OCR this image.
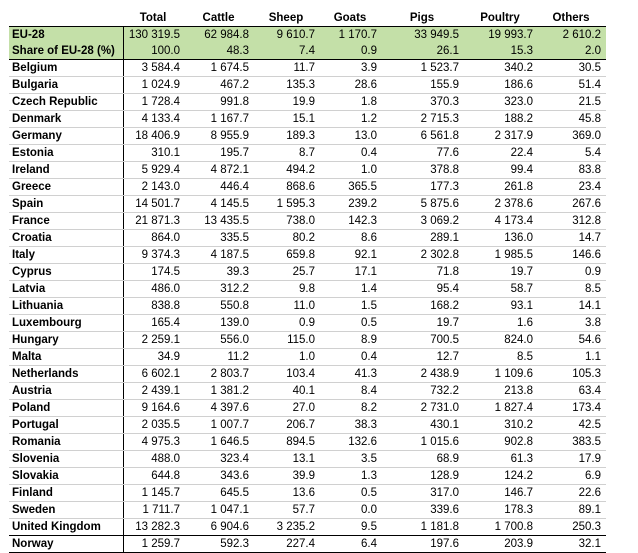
	Total	Cattle	Sheep	Goats	Pigs	Poultry	Others
EU-28	130 319.5	62 984.8	9 610.7	1 170.7	33 949.5	19 993.7	2 610.2
Share of EU-28 (%)	100.0	48.3	7.4	0.9	26.1	15.3	2.0
Belgium	3 584.4	1 674.5	11.7	3.9	1 523.7	340.2	30.5
Bulgaria	1 024.9	467.2	135.3	28.6	155.9	186.6	51.4
Czech Republic	1 728.4	991.8	19.9	1.8	370.3	323.0	21.5
Denmark	4 133.4	1 167.7	15.1	1.2	2 715.3	188.2	45.8
Germany	18 406.9	8 955.9	189.3	13.0	6 561.8	2 317.9	369.0
Estonia	310.1	195.7	8.7	0.4	77.6	22.4	5.4
Ireland	5 929.4	4 872.1	494.2	1.0	378.8	99.4	83.8
Greece	2 143.0	446.4	868.6	365.5	177.3	261.8	23.4
Spain	14 501.7	4 145.5	1 595.3	239.2	5 875.6	2 378.6	267.6
France	21 871.3	13 435.5	738.0	142.3	3 069.2	4 173.4	312.8
Croatia	864.0	335.5	80.2	8.6	289.1	136.0	14.7
Italy	9 374.3	4 187.5	659.8	92.1	2 302.8	1 985.5	146.6
Cyprus	174.5	39.3	25.7	17.1	71.8	19.7	0.9
Latvia	486.0	312.2	9.8	1.4	95.4	58.7	8.5
Lithuania	838.8	550.8	11.0	1.5	168.2	93.1	14.1
Luxembourg	165.4	139.0	0.9	0.5	19.7	1.6	3.8
Hungary	2 259.1	556.0	115.0	8.9	700.5	824.0	54.6
Malta	34.9	11.2	1.0	0.4	12.7	8.5	1.1
Netherlands	6 602.1	2 803.7	103.4	41.3	2 438.9	1 109.6	105.3
Austria	2 439.1	1 381.2	40.1	8.4	732.2	213.8	63.4
Poland	9 164.6	4 397.6	27.0	8.2	2 731.0	1 827.4	173.4
Portugal	2 035.5	1 007.7	206.7	38.3	430.1	310.2	42.5
Romania	4 975.3	1 646.5	894.5	132.6	1 015.6	902.8	383.5
Slovenia	488.0	323.4	13.1	3.5	68.9	61.3	17.9
Slovakia	644.8	343.6	39.9	1.3	128.9	124.2	6.9
Finland	1 145.7	645.5	13.6	0.5	317.0	146.7	22.6
Sweden	1 711.7	1 047.1	57.7	0.0	339.6	178.3	89.1
United Kingdom	13 282.3	6 904.6	3 235.2	9.5	1 181.8	1 700.8	250.3
Norway	1 259.7	592.3	227.4	6.4	197.6	203.9	32.1
